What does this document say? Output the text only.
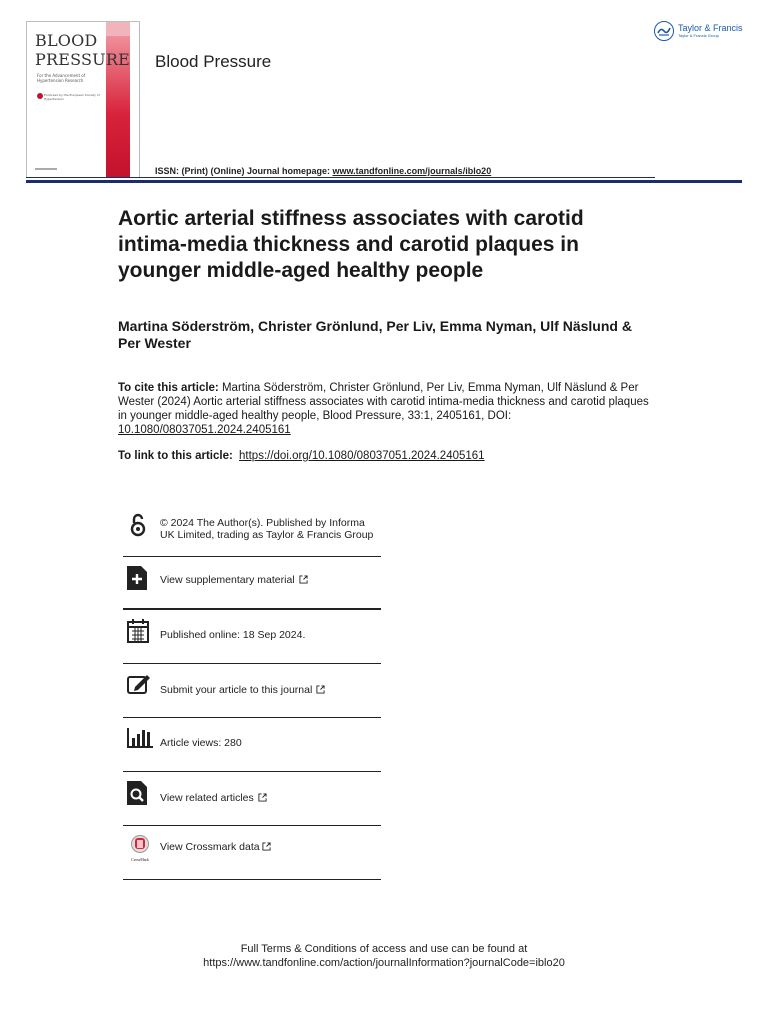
BLOOD
PRESSURE
For the Advancement of Hypertension Research
Endorsed by the European Society of Hypertension
Blood Pressure
ISSN: (Print) (Online) Journal homepage: www.tandfonline.com/journals/iblo20
Taylor & Francis
Taylor & Francis Group
Aortic arterial stiffness associates with carotid intima-media thickness and carotid plaques in younger middle-aged healthy people
Martina Söderström, Christer Grönlund, Per Liv, Emma Nyman, Ulf Näslund & Per Wester
To cite this article: Martina Söderström, Christer Grönlund, Per Liv, Emma Nyman, Ulf Näslund & Per Wester (2024) Aortic arterial stiffness associates with carotid intima-media thickness and carotid plaques in younger middle-aged healthy people, Blood Pressure, 33:1, 2405161, DOI:
10.1080/08037051.2024.2405161
To link to this article: https://doi.org/10.1080/08037051.2024.2405161
© 2024 The Author(s). Published by Informa UK Limited, trading as Taylor & Francis Group
View supplementary material
Published online: 18 Sep 2024.
Submit your article to this journal
Article views: 280
View related articles
CrossMark
View Crossmark data
Full Terms & Conditions of access and use can be found at
https://www.tandfonline.com/action/journalInformation?journalCode=iblo20
